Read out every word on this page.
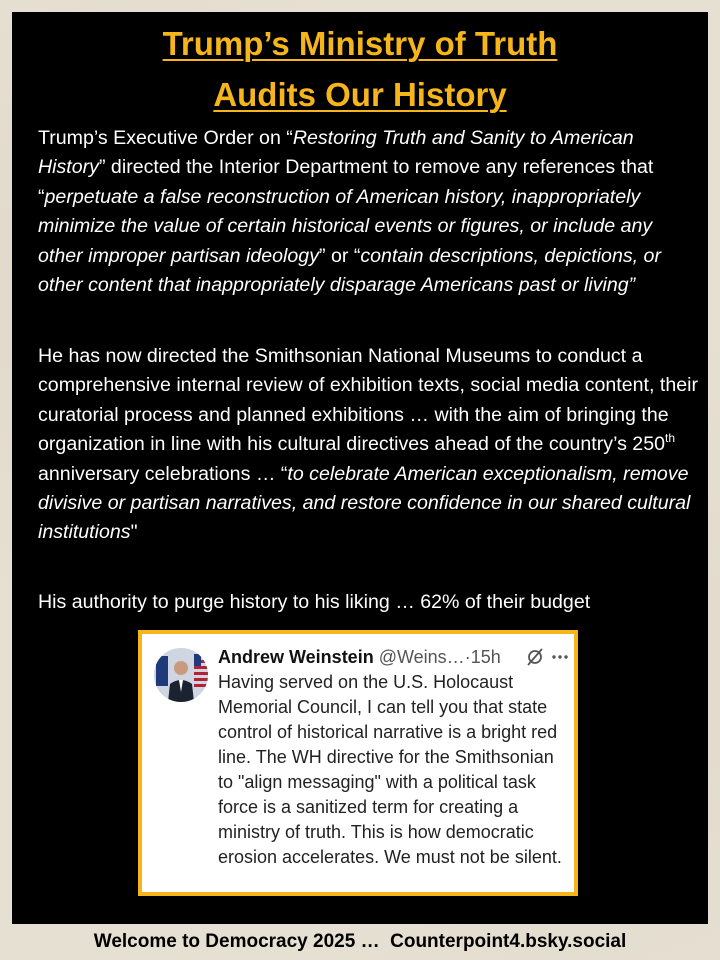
Trump’s Ministry of Truth
Audits Our History

Trump’s Executive Order on “Restoring Truth and Sanity to American History” directed the Interior Department to remove any references that “perpetuate a false reconstruction of American history, inappropriately minimize the value of certain historical events or figures, or include any other improper partisan ideology” or “contain descriptions, depictions, or other content that inappropriately disparage Americans past or living”

He has now directed the Smithsonian National Museums to conduct a comprehensive internal review of exhibition texts, social media content, their curatorial process and planned exhibitions … with the aim of bringing the organization in line with his cultural directives ahead of the country’s 250th anniversary celebrations … “to celebrate American exceptionalism, remove divisive or partisan narratives, and restore confidence in our shared cultural institutions"

His authority to purge history to his liking … 62% of their budget

Andrew Weinstein @Weins…·15h

Having served on the U.S. Holocaust Memorial Council, I can tell you that state control of historical narrative is a bright red line. The WH directive for the Smithsonian to "align messaging" with a political task force is a sanitized term for creating a ministry of truth. This is how democratic erosion accelerates. We must not be silent.

Welcome to Democracy 2025 …  Counterpoint4.bsky.social
